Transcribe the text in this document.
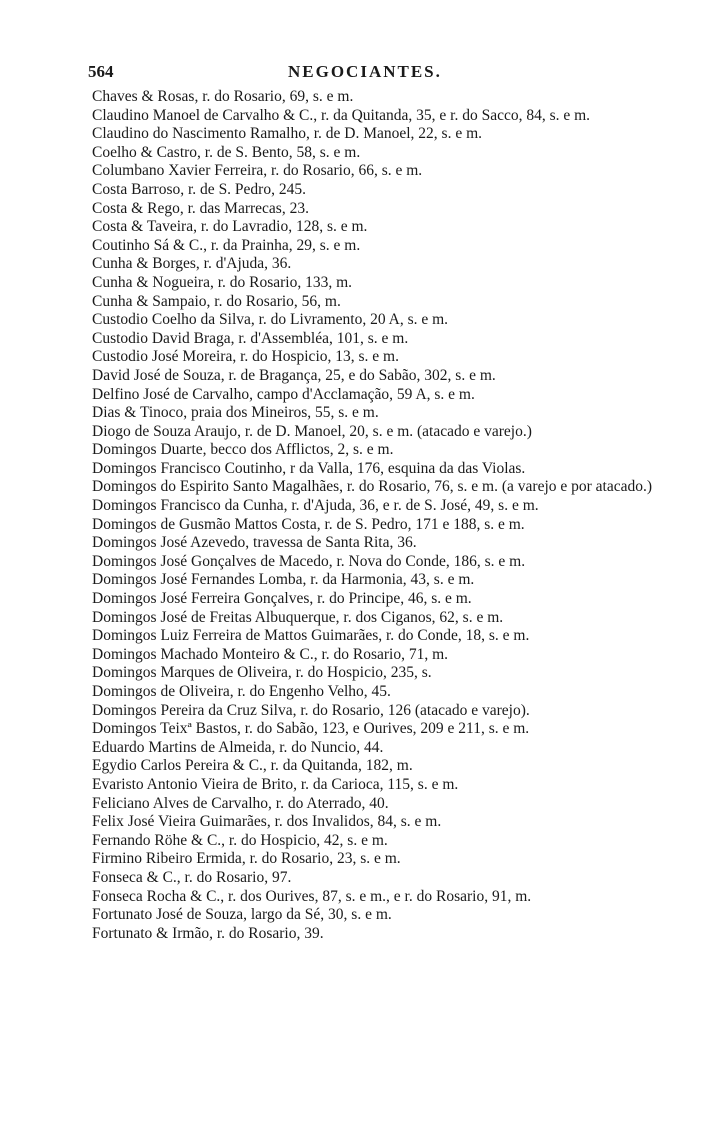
564	NEGOCIANTES.
Chaves & Rosas, r. do Rosario, 69, s. e m.
Claudino Manoel de Carvalho & C., r. da Quitanda, 35, e r. do Sacco, 84, s. e m.
Claudino do Nascimento Ramalho, r. de D. Manoel, 22, s. e m.
Coelho & Castro, r. de S. Bento, 58, s. e m.
Columbano Xavier Ferreira, r. do Rosario, 66, s. e m.
Costa Barroso, r. de S. Pedro, 245.
Costa & Rego, r. das Marrecas, 23.
Costa & Taveira, r. do Lavradio, 128, s. e m.
Coutinho Sá & C., r. da Prainha, 29, s. e m.
Cunha & Borges, r. d'Ajuda, 36.
Cunha & Nogueira, r. do Rosario, 133, m.
Cunha & Sampaio, r. do Rosario, 56, m.
Custodio Coelho da Silva, r. do Livramento, 20 A, s. e m.
Custodio David Braga, r. d'Assembléa, 101, s. e m.
Custodio José Moreira, r. do Hospicio, 13, s. e m.
David José de Souza, r. de Bragança, 25, e do Sabão, 302, s. e m.
Delfino José de Carvalho, campo d'Acclamação, 59 A, s. e m.
Dias & Tinoco, praia dos Mineiros, 55, s. e m.
Diogo de Souza Araujo, r. de D. Manoel, 20, s. e m. (atacado e varejo.)
Domingos Duarte, becco dos Afflictos, 2, s. e m.
Domingos Francisco Coutinho, r da Valla, 176, esquina da das Violas.
Domingos do Espirito Santo Magalhães, r. do Rosario, 76, s. e m. (a varejo e por atacado.)
Domingos Francisco da Cunha, r. d'Ajuda, 36, e r. de S. José, 49, s. e m.
Domingos de Gusmão Mattos Costa, r. de S. Pedro, 171 e 188, s. e m.
Domingos José Azevedo, travessa de Santa Rita, 36.
Domingos José Gonçalves de Macedo, r. Nova do Conde, 186, s. e m.
Domingos José Fernandes Lomba, r. da Harmonia, 43, s. e m.
Domingos José Ferreira Gonçalves, r. do Principe, 46, s. e m.
Domingos José de Freitas Albuquerque, r. dos Ciganos, 62, s. e m.
Domingos Luiz Ferreira de Mattos Guimarães, r. do Conde, 18, s. e m.
Domingos Machado Monteiro & C., r. do Rosario, 71, m.
Domingos Marques de Oliveira, r. do Hospicio, 235, s.
Domingos de Oliveira, r. do Engenho Velho, 45.
Domingos Pereira da Cruz Silva, r. do Rosario, 126 (atacado e varejo).
Domingos Teixª Bastos, r. do Sabão, 123, e Ourives, 209 e 211, s. e m.
Eduardo Martins de Almeida, r. do Nuncio, 44.
Egydio Carlos Pereira & C., r. da Quitanda, 182, m.
Evaristo Antonio Vieira de Brito, r. da Carioca, 115, s. e m.
Feliciano Alves de Carvalho, r. do Aterrado, 40.
Felix José Vieira Guimarães, r. dos Invalidos, 84, s. e m.
Fernando Röhe & C., r. do Hospicio, 42, s. e m.
Firmino Ribeiro Ermida, r. do Rosario, 23, s. e m.
Fonseca & C., r. do Rosario, 97.
Fonseca Rocha & C., r. dos Ourives, 87, s. e m., e r. do Rosario, 91, m.
Fortunato José de Souza, largo da Sé, 30, s. e m.
Fortunato & Irmão, r. do Rosario, 39.
